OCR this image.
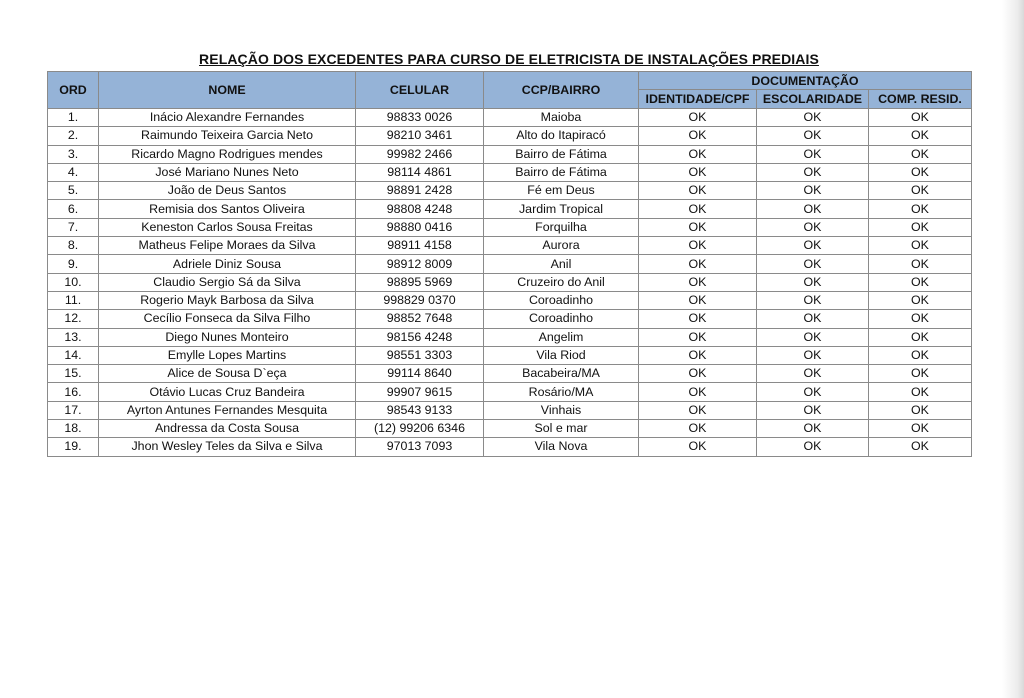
RELAÇÃO DOS EXCEDENTES PARA CURSO DE ELETRICISTA DE INSTALAÇÕES PREDIAIS
ORD	NOME	CELULAR	CCP/BAIRRO	DOCUMENTAÇÃO		
				IDENTIDADE/CPF	ESCOLARIDADE	COMP. RESID.
1.	Inácio Alexandre Fernandes	98833 0026	Maioba	OK	OK	OK
2.	Raimundo Teixeira Garcia Neto	98210 3461	Alto do Itapiracó	OK	OK	OK
3.	Ricardo Magno Rodrigues mendes	99982 2466	Bairro de Fátima	OK	OK	OK
4.	José Mariano Nunes Neto	98114 4861	Bairro de Fátima	OK	OK	OK
5.	João de Deus Santos	98891 2428	Fé em Deus	OK	OK	OK
6.	Remisia dos Santos Oliveira	98808 4248	Jardim Tropical	OK	OK	OK
7.	Keneston Carlos Sousa Freitas	98880 0416	Forquilha	OK	OK	OK
8.	Matheus Felipe Moraes da Silva	98911 4158	Aurora	OK	OK	OK
9.	Adriele Diniz Sousa	98912 8009	Anil	OK	OK	OK
10.	Claudio Sergio Sá da Silva	98895 5969	Cruzeiro do Anil	OK	OK	OK
11.	Rogerio Mayk Barbosa da Silva	998829 0370	Coroadinho	OK	OK	OK
12.	Cecílio Fonseca da Silva Filho	98852 7648	Coroadinho	OK	OK	OK
13.	Diego Nunes Monteiro	98156 4248	Angelim	OK	OK	OK
14.	Emylle Lopes Martins	98551 3303	Vila Riod	OK	OK	OK
15.	Alice de Sousa D`eça	99114 8640	Bacabeira/MA	OK	OK	OK
16.	Otávio Lucas Cruz Bandeira	99907 9615	Rosário/MA	OK	OK	OK
17.	Ayrton Antunes Fernandes Mesquita	98543 9133	Vinhais	OK	OK	OK
18.	Andressa da Costa Sousa	(12) 99206 6346	Sol e mar	OK	OK	OK
19.	Jhon Wesley Teles da Silva e Silva	97013 7093	Vila Nova	OK	OK	OK
